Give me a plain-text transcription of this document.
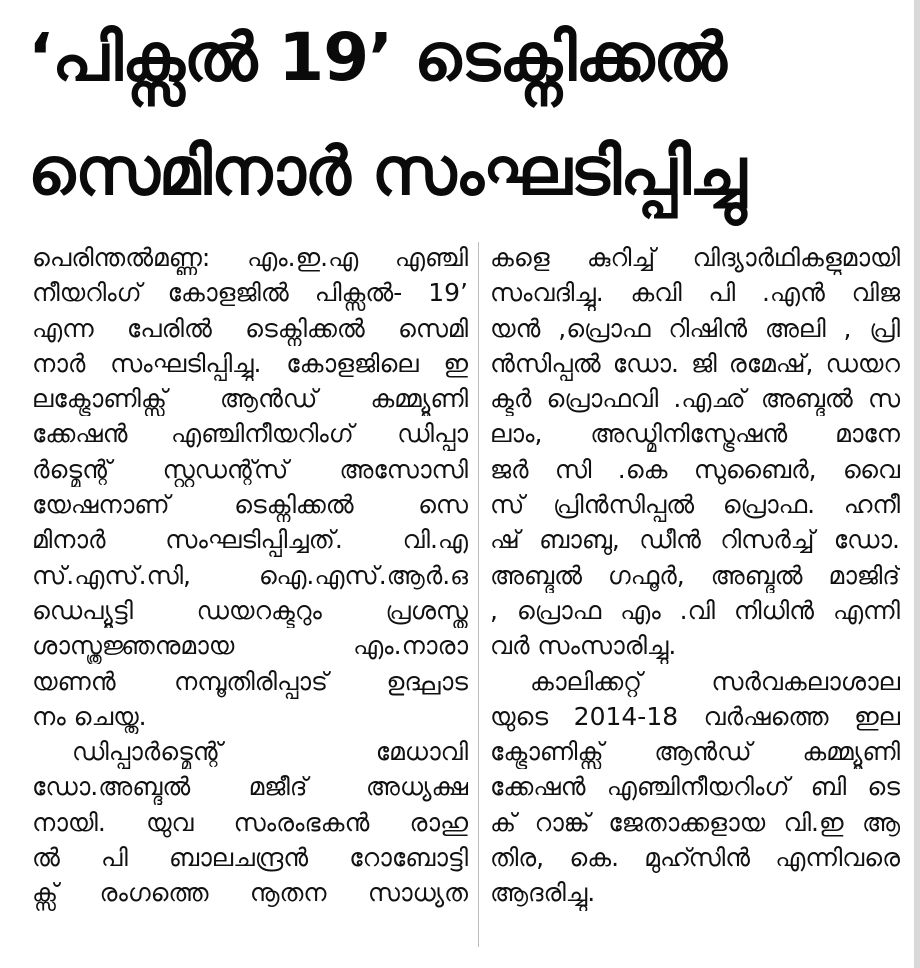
‘പിക്സൽ 19’ ടെക്നിക്കൽ
സെമിനാർ സംഘടിപ്പിച്ചു
പെരിന്തൽമണ്ണ: എം.ഇ.എ എഞ്ചി
നീയറിംഗ് കോളജിൽ പിക്സൽ- 19’
എന്ന പേരിൽ ടെക്നിക്കൽ സെമി
നാർ സംഘടിപ്പിച്ചു. കോളജിലെ ഇ
ലക്ട്രോണിക്സ് ആൻഡ് കമ്മ്യൂണി
ക്കേഷൻ എഞ്ചിനീയറിംഗ് ഡിപ്പാ
ർട്മെന്റ് സ്റ്റുഡന്റ്സ് അസോസി
യേഷനാണ് ടെക്നിക്കൽ സെ
മിനാർ സംഘടിപ്പിച്ചത്. വി.എ
സ്.എസ്.സി, ഐ.എസ്.ആർ.ഒ
ഡെപ്യൂട്ടി ഡയറക്ടറും പ്രശസ്ത
ശാസ്ത്രജ്ഞനുമായ എം.നാരാ
യണൻ നമ്പൂതിരിപ്പാട് ഉദ്ഘാട
നം ചെയ്തു.
ഡിപ്പാർട്മെന്റ് മേധാവി
ഡോ.അബ്ദുൽ മജീദ് അധ്യക്ഷ
നായി. യുവ സംരംഭകൻ രാഹു
ൽ പി ബാലചന്ദ്രൻ റോബോട്ടി
ക്സ് രംഗത്തെ നൂതന സാധ്യത
കളെ കുറിച്ച് വിദ്യാർഥികളുമായി
സംവദിച്ചു. കവി പി .എൻ വിജ
യൻ ,പ്രൊഫ റിഷിൻ അലി , പ്രി
ൻസിപ്പൽ ഡോ. ജി രമേഷ്, ഡയറ
ക്ടർ പ്രൊഫവി .എഛ് അബ്ദുൽ സ
ലാം, അഡ്മിനിസ്ട്രേഷൻ മാനേ
ജർ സി .കെ സുബൈർ, വൈ
സ് പ്രിൻസിപ്പൽ പ്രൊഫ. ഹനീ
ഷ് ബാബു, ഡീൻ റിസർച്ച് ഡോ.
അബ്ദുൽ ഗഫൂർ, അബ്ദുൽ മാജിദ്
, പ്രൊഫ എം .വി നിധിൻ എന്നി
വർ സംസാരിച്ചു.
കാലിക്കറ്റ് സർവകലാശാല
യുടെ 2014-18 വർഷത്തെ ഇല
ക്ട്രോണിക്സ് ആൻഡ് കമ്മ്യൂണി
ക്കേഷൻ എഞ്ചിനീയറിംഗ് ബി ടെ
ക് റാങ്ക് ജേതാക്കളായ വി.ഇ ആ
തിര, കെ. മുഹ്സിൻ എന്നിവരെ
ആദരിച്ചു.
